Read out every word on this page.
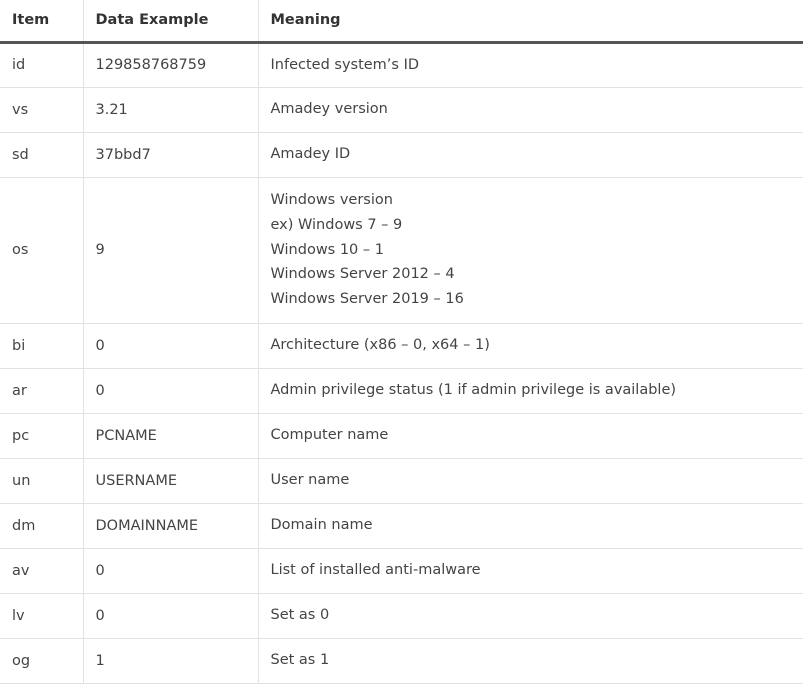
Item	Data Example	Meaning
id	129858768759	Infected system’s ID

vs	3.21	Amadey version

sd	37bbd7	Amadey ID

os	9	Windows version
ex) Windows 7 – 9
Windows 10 – 1
Windows Server 2012 – 4
Windows Server 2019 – 16

bi	0	Architecture (x86 – 0, x64 – 1)

ar	0	Admin privilege status (1 if admin privilege is available)

pc	PCNAME	Computer name

un	USERNAME	User name

dm	DOMAINNAME	Domain name

av	0	List of installed anti-malware

lv	0	Set as 0

og	1	Set as 1
